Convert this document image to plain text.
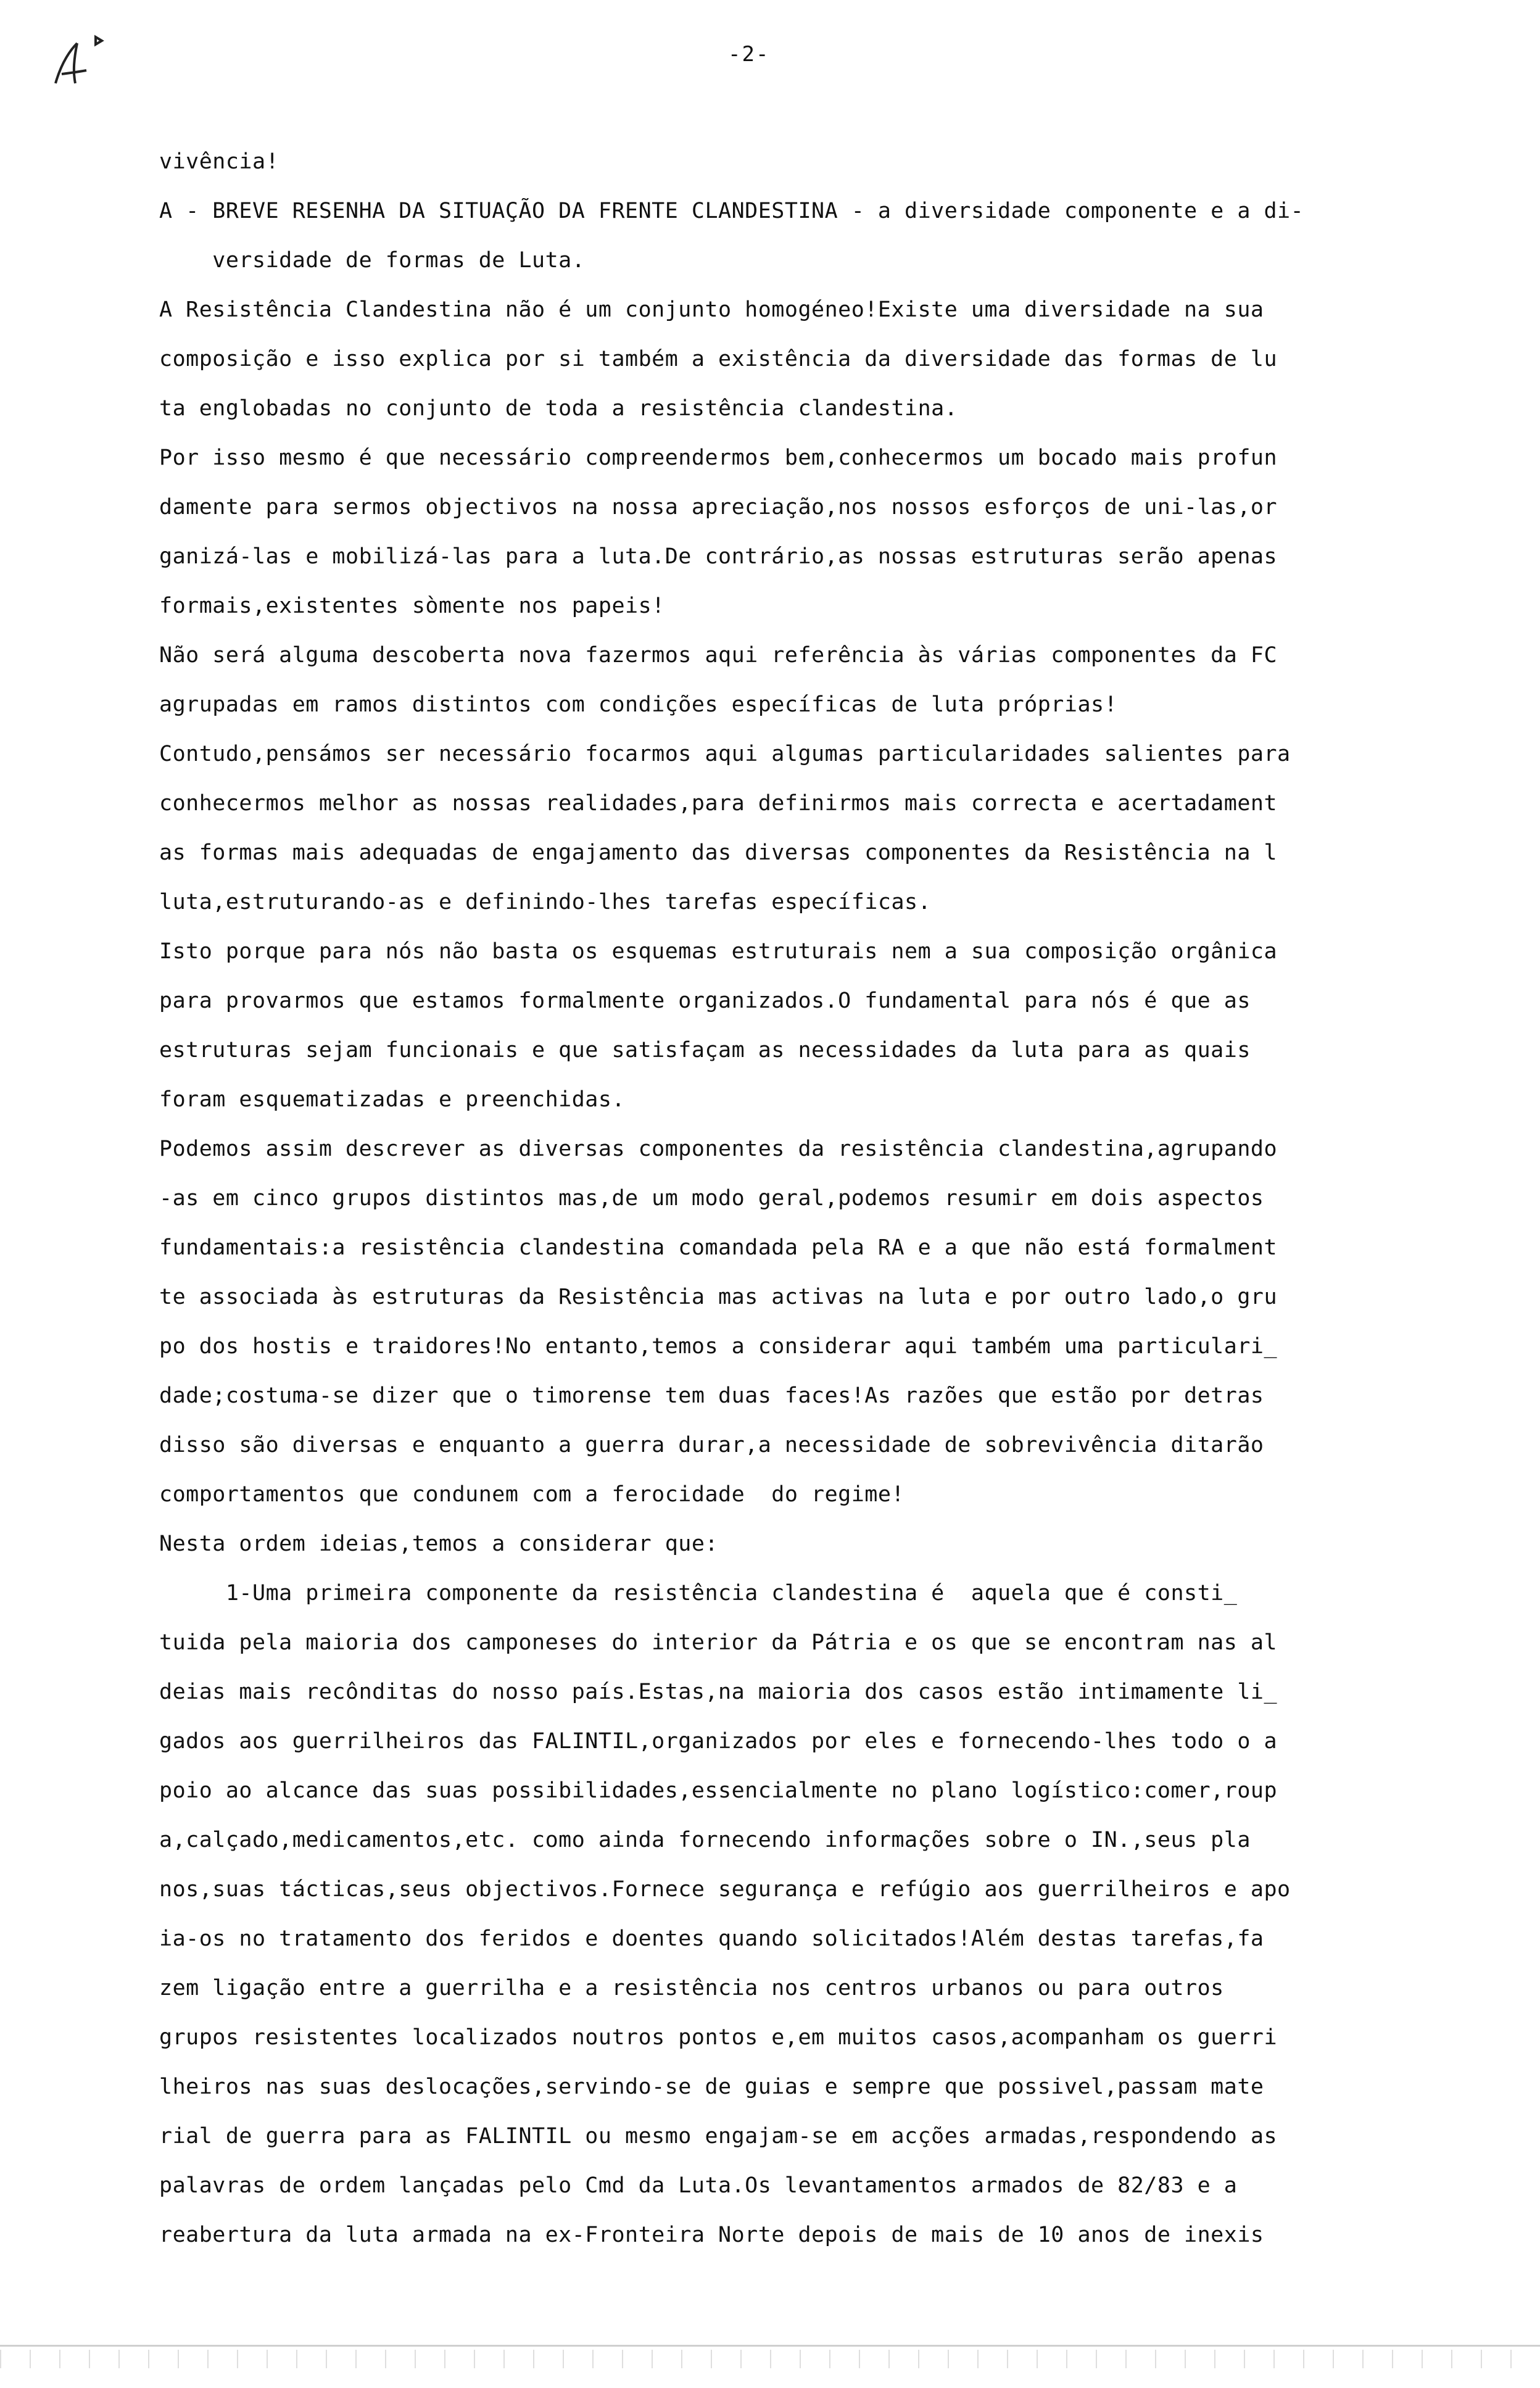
-2-
vivência!
A - BREVE RESENHA DA SITUAÇÃO DA FRENTE CLANDESTINA - a diversidade componente e a di-
versidade de formas de Luta.
A Resistência Clandestina não é um conjunto homogéneo!Existe uma diversidade na sua
composição e isso explica por si também a existência da diversidade das formas de lu
ta englobadas no conjunto de toda a resistência clandestina.
Por isso mesmo é que necessário compreendermos bem,conhecermos um bocado mais profun
damente para sermos objectivos na nossa apreciação,nos nossos esforços de uni-las,or
ganizá-las e mobilizá-las para a luta.De contrário,as nossas estruturas serão apenas
formais,existentes sòmente nos papeis!
Não será alguma descoberta nova fazermos aqui referência às várias componentes da FC
agrupadas em ramos distintos com condições específicas de luta próprias!
Contudo,pensámos ser necessário focarmos aqui algumas particularidades salientes para
conhecermos melhor as nossas realidades,para definirmos mais correcta e acertadament
as formas mais adequadas de engajamento das diversas componentes da Resistência na l
luta,estruturando-as e definindo-lhes tarefas específicas.
Isto porque para nós não basta os esquemas estruturais nem a sua composição orgânica
para provarmos que estamos formalmente organizados.O fundamental para nós é que as
estruturas sejam funcionais e que satisfaçam as necessidades da luta para as quais
foram esquematizadas e preenchidas.
Podemos assim descrever as diversas componentes da resistência clandestina,agrupando
-as em cinco grupos distintos mas,de um modo geral,podemos resumir em dois aspectos
fundamentais:a resistência clandestina comandada pela RA e a que não está formalment
te associada às estruturas da Resistência mas activas na luta e por outro lado,o gru
po dos hostis e traidores!No entanto,temos a considerar aqui também uma particulari_
dade;costuma-se dizer que o timorense tem duas faces!As razões que estão por detras
disso são diversas e enquanto a guerra durar,a necessidade de sobrevivência ditarão
comportamentos que condunem com a ferocidade  do regime!
Nesta ordem ideias,temos a considerar que:
1-Uma primeira componente da resistência clandestina é  aquela que é consti_
tuida pela maioria dos camponeses do interior da Pátria e os que se encontram nas al
deias mais recônditas do nosso país.Estas,na maioria dos casos estão intimamente li_
gados aos guerrilheiros das FALINTIL,organizados por eles e fornecendo-lhes todo o a
poio ao alcance das suas possibilidades,essencialmente no plano logístico:comer,roup
a,calçado,medicamentos,etc. como ainda fornecendo informações sobre o IN.,seus pla
nos,suas tácticas,seus objectivos.Fornece segurança e refúgio aos guerrilheiros e apo
ia-os no tratamento dos feridos e doentes quando solicitados!Além destas tarefas,fa
zem ligação entre a guerrilha e a resistência nos centros urbanos ou para outros
grupos resistentes localizados noutros pontos e,em muitos casos,acompanham os guerri
lheiros nas suas deslocações,servindo-se de guias e sempre que possivel,passam mate
rial de guerra para as FALINTIL ou mesmo engajam-se em acções armadas,respondendo as
palavras de ordem lançadas pelo Cmd da Luta.Os levantamentos armados de 82/83 e a
reabertura da luta armada na ex-Fronteira Norte depois de mais de 10 anos de inexis
